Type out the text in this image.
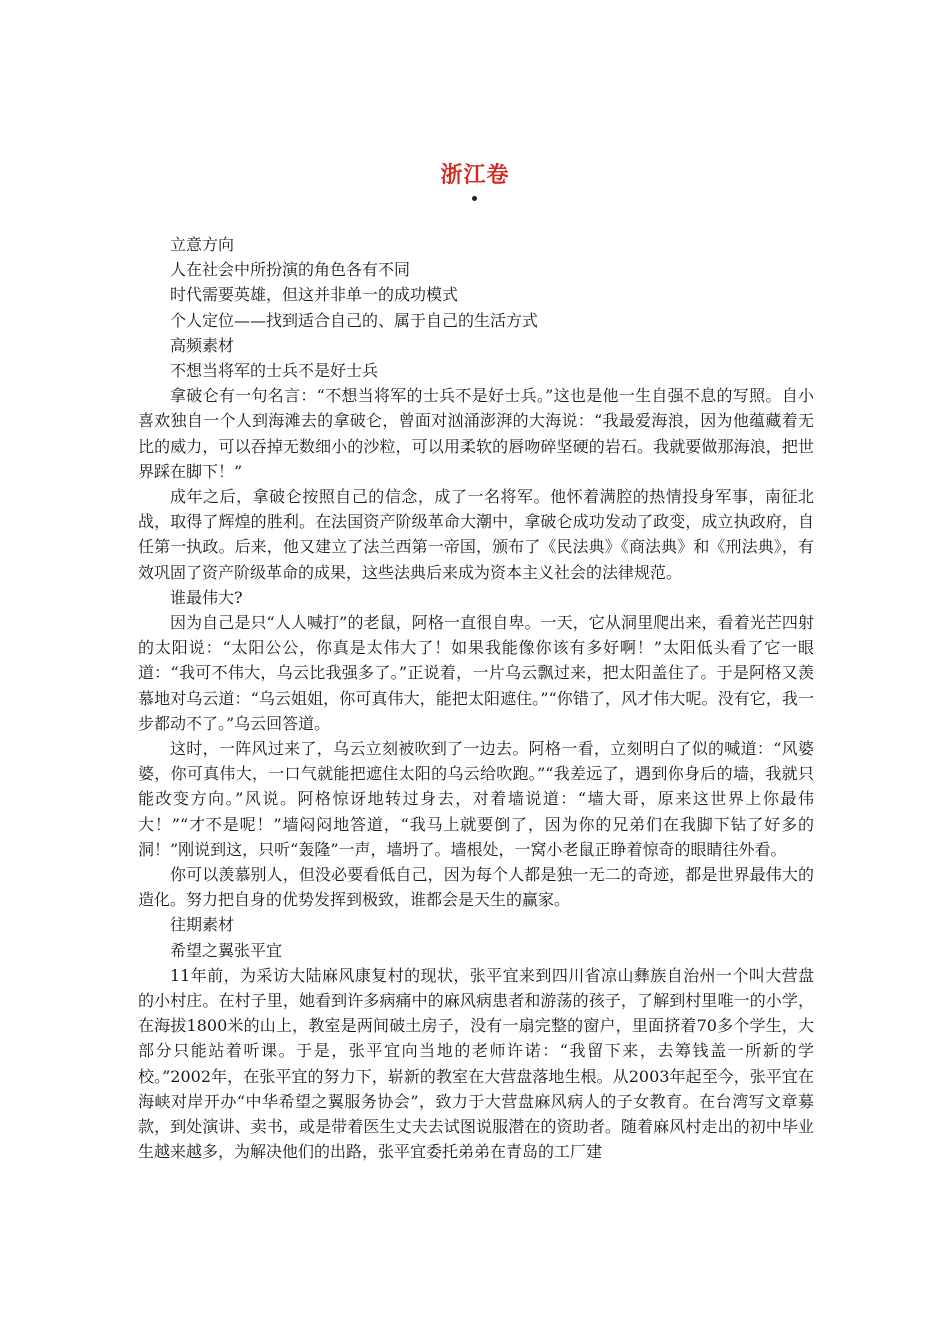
浙江卷
立意方向
人在社会中所扮演的角色各有不同
时代需要英雄，但这并非单一的成功模式
个人定位——找到适合自己的、属于自己的生活方式
高频素材
不想当将军的士兵不是好士兵

拿破仑有一句名言：“不想当将军的士兵不是好士兵。”这也是他一生自强不息的写照。自小喜欢独自一个人到海滩去的拿破仑，曾面对汹涌澎湃的大海说：“我最爱海浪，因为他蕴藏着无比的威力，可以吞掉无数细小的沙粒，可以用柔软的唇吻碎坚硬的岩石。我就要做那海浪，把世界踩在脚下！”

成年之后，拿破仑按照自己的信念，成了一名将军。他怀着满腔的热情投身军事，南征北战，取得了辉煌的胜利。在法国资产阶级革命大潮中，拿破仑成功发动了政变，成立执政府，自任第一执政。后来，他又建立了法兰西第一帝国，颁布了《民法典》《商法典》和《刑法典》，有效巩固了资产阶级革命的成果，这些法典后来成为资本主义社会的法律规范。

谁最伟大?

因为自己是只“人人喊打”的老鼠，阿格一直很自卑。一天，它从洞里爬出来，看着光芒四射的太阳说：“太阳公公，你真是太伟大了！如果我能像你该有多好啊！”太阳低头看了它一眼道：“我可不伟大，乌云比我强多了。”正说着，一片乌云飘过来，把太阳盖住了。于是阿格又羡慕地对乌云道：“乌云姐姐，你可真伟大，能把太阳遮住。”“你错了，风才伟大呢。没有它，我一步都动不了。”乌云回答道。

这时，一阵风过来了，乌云立刻被吹到了一边去。阿格一看，立刻明白了似的喊道：“风婆婆，你可真伟大，一口气就能把遮住太阳的乌云给吹跑。”“我差远了，遇到你身后的墙，我就只能改变方向。”风说。阿格惊讶地转过身去，对着墙说道：“墙大哥，原来这世界上你最伟大！”“才不是呢！”墙闷闷地答道，“我马上就要倒了，因为你的兄弟们在我脚下钻了好多的洞！”刚说到这，只听“轰隆”一声，墙坍了。墙根处，一窝小老鼠正睁着惊奇的眼睛往外看。

你可以羡慕别人，但没必要看低自己，因为每个人都是独一无二的奇迹，都是世界最伟大的造化。努力把自身的优势发挥到极致，谁都会是天生的赢家。

往期素材
希望之翼张平宜

11年前，为采访大陆麻风康复村的现状，张平宜来到四川省凉山彝族自治州一个叫大营盘的小村庄。在村子里，她看到许多病痛中的麻风病患者和游荡的孩子，了解到村里唯一的小学，在海拔1800米的山上，教室是两间破土房子，没有一扇完整的窗户，里面挤着70多个学生，大部分只能站着听课。于是，张平宜向当地的老师许诺：“我留下来，去筹钱盖一所新的学校。”2002年，在张平宜的努力下，崭新的教室在大营盘落地生根。从2003年起至今，张平宜在海峡对岸开办“中华希望之翼服务协会”，致力于大营盘麻风病人的子女教育。在台湾写文章募款，到处演讲、卖书，或是带着医生丈夫去试图说服潜在的资助者。随着麻风村走出的初中毕业生越来越多，为解决他们的出路，张平宜委托弟弟在青岛的工厂建
